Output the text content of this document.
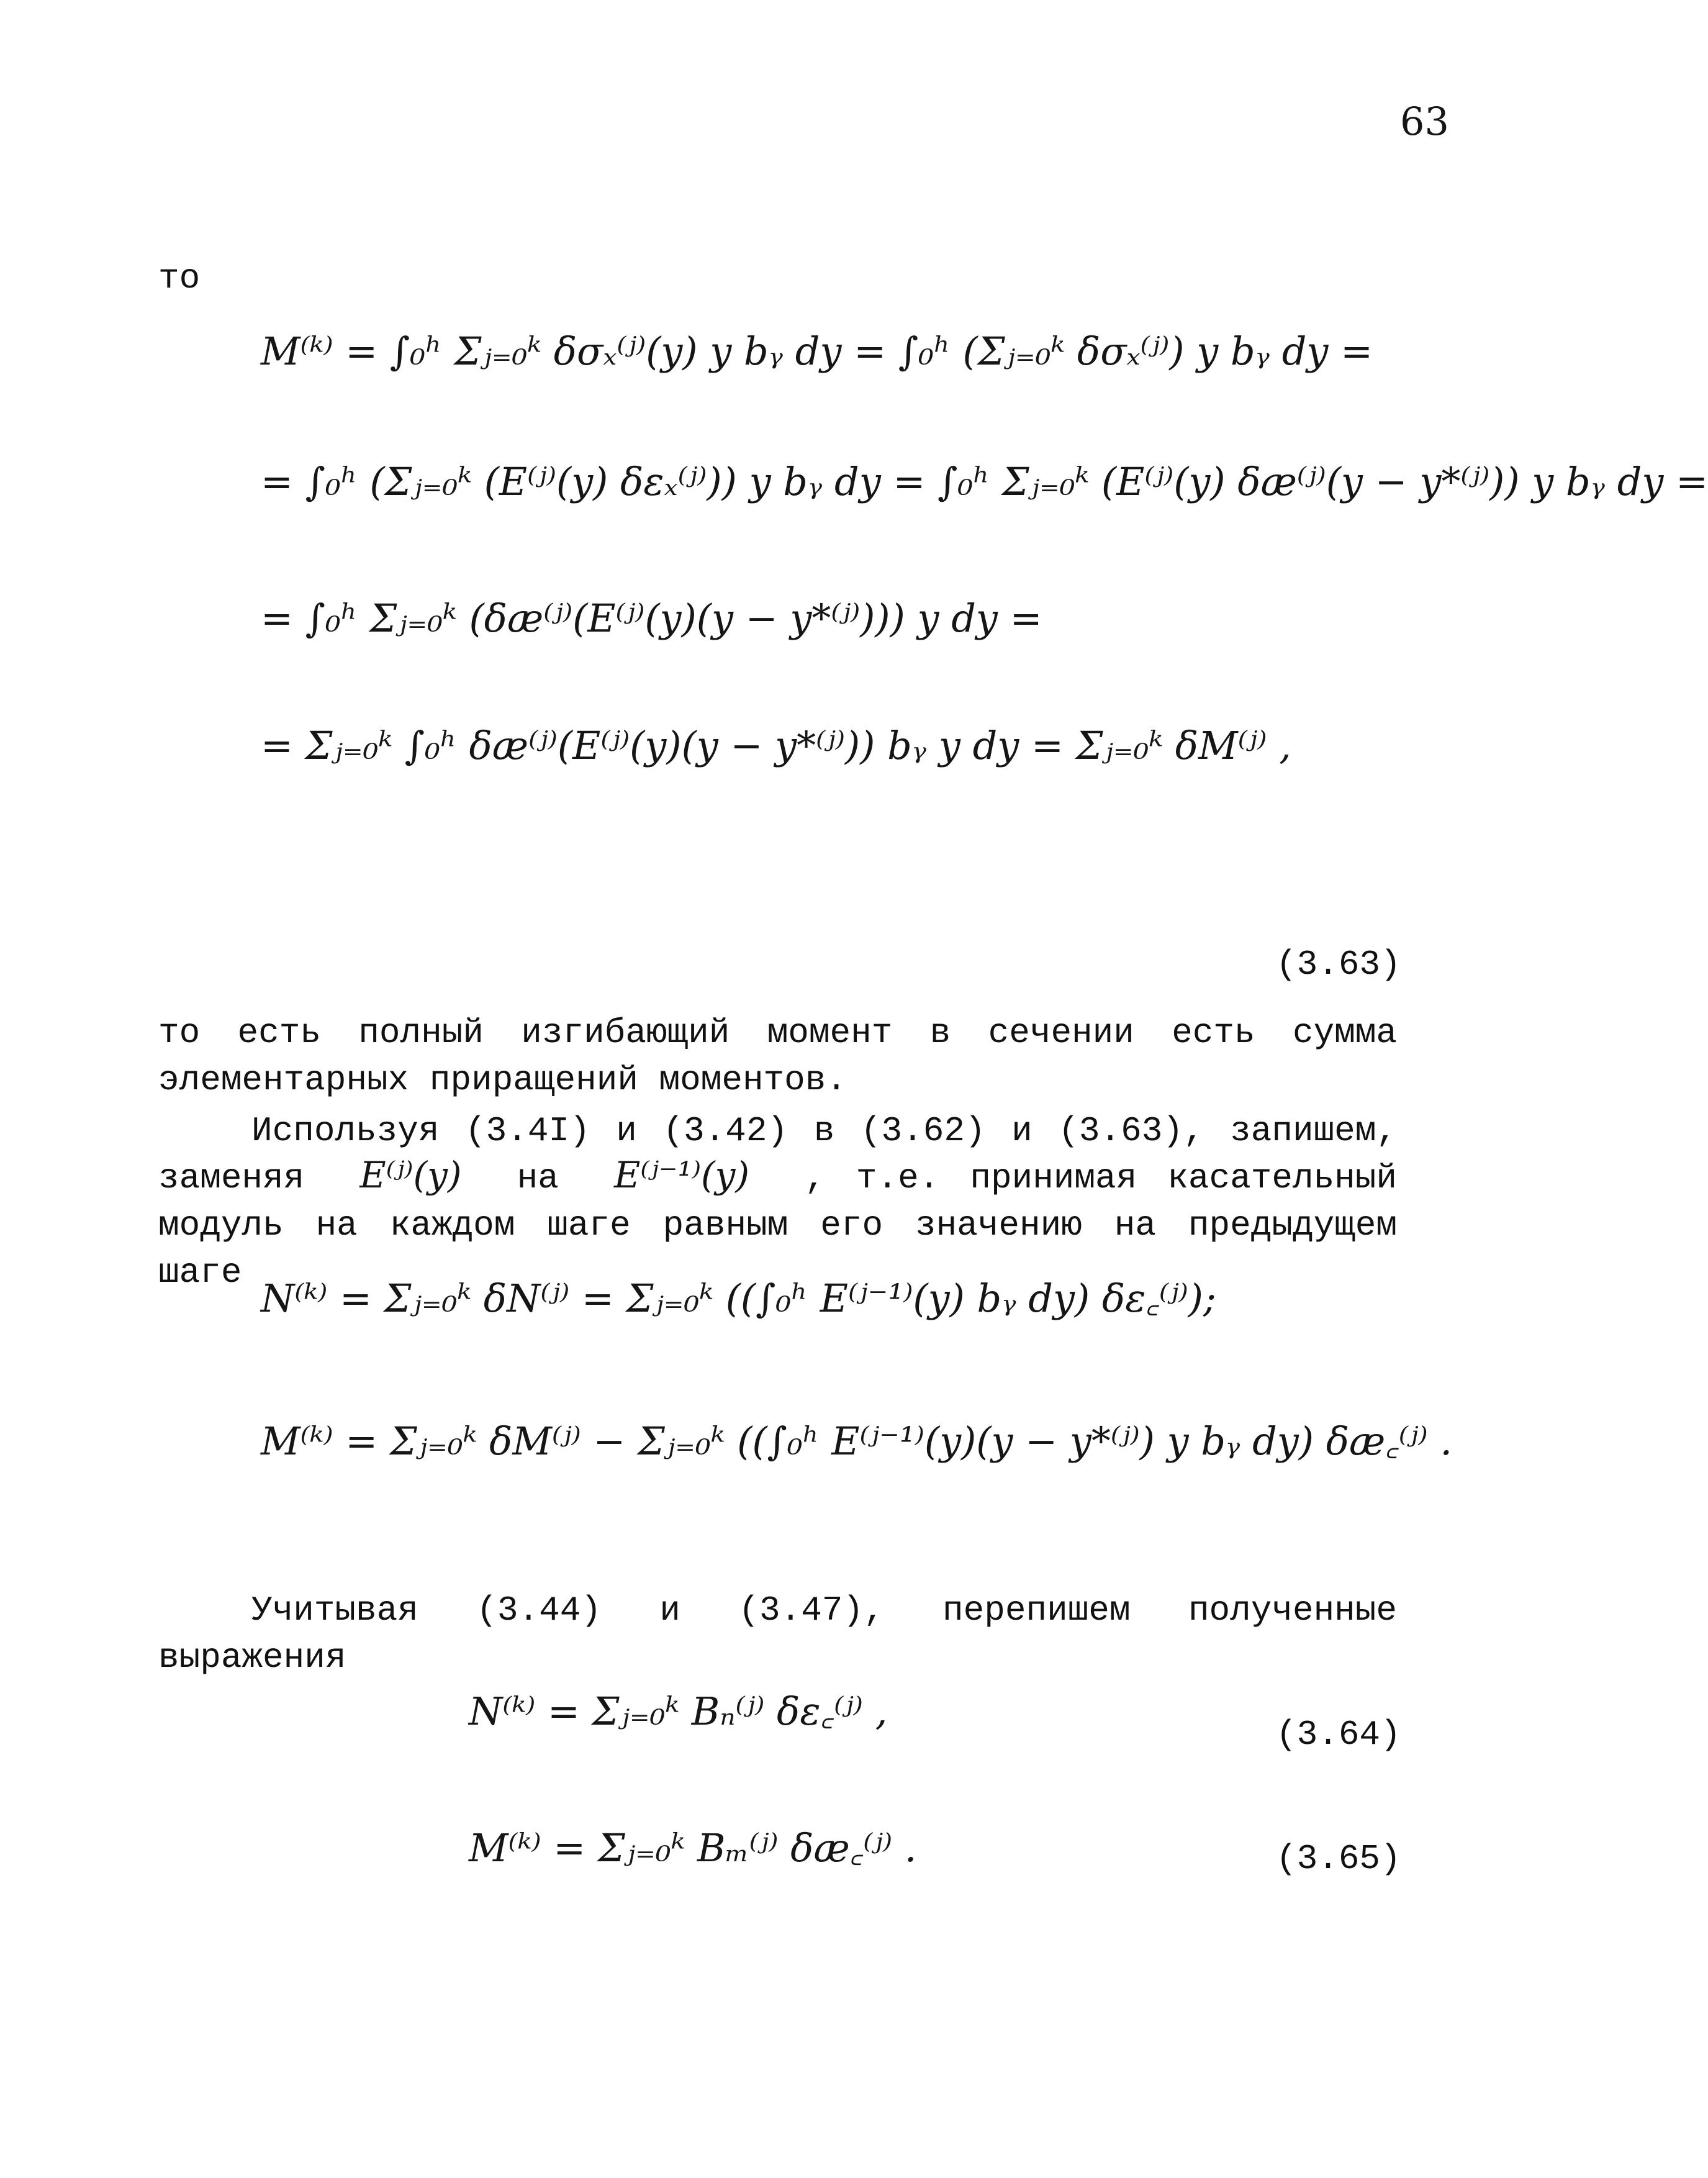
63
то
M⁽ᵏ⁾ = ∫₀ʰ Σⱼ₌₀ᵏ δσₓ⁽ʲ⁾(y) y bᵧ dy = ∫₀ʰ (Σⱼ₌₀ᵏ δσₓ⁽ʲ⁾) y bᵧ dy =
= ∫₀ʰ (Σⱼ₌₀ᵏ (E⁽ʲ⁾(y) δεₓ⁽ʲ⁾)) y bᵧ dy = ∫₀ʰ Σⱼ₌₀ᵏ (E⁽ʲ⁾(y) δæ⁽ʲ⁾(y − y*⁽ʲ⁾)) y bᵧ dy =
= ∫₀ʰ Σⱼ₌₀ᵏ (δæ⁽ʲ⁾(E⁽ʲ⁾(y)(y − y*⁽ʲ⁾))) y dy =
= Σⱼ₌₀ᵏ ∫₀ʰ δæ⁽ʲ⁾(E⁽ʲ⁾(y)(y − y*⁽ʲ⁾)) bᵧ y dy = Σⱼ₌₀ᵏ δM⁽ʲ⁾ ,
(3.63)
то есть полный изгибающий момент в сечении есть сумма элементарных приращений моментов.
Используя (3.4I) и (3.42) в (3.62) и (3.63), запишем, заменяя E⁽ʲ⁾(y) на E⁽ʲ⁻¹⁾(y) , т.е. принимая касательный модуль на каждом шаге равным его значению на предыдущем шаге
N⁽ᵏ⁾ = Σⱼ₌₀ᵏ δN⁽ʲ⁾ = Σⱼ₌₀ᵏ ((∫₀ʰ E⁽ʲ⁻¹⁾(y) bᵧ dy) δε꜀⁽ʲ⁾);
M⁽ᵏ⁾ = Σⱼ₌₀ᵏ δM⁽ʲ⁾ − Σⱼ₌₀ᵏ ((∫₀ʰ E⁽ʲ⁻¹⁾(y)(y − y*⁽ʲ⁾) y bᵧ dy) δæ꜀⁽ʲ⁾ .
Учитывая (3.44) и (3.47), перепишем полученные выражения
N⁽ᵏ⁾ = Σⱼ₌₀ᵏ Bₙ⁽ʲ⁾ δε꜀⁽ʲ⁾ ,
(3.64)
M⁽ᵏ⁾ = Σⱼ₌₀ᵏ Bₘ⁽ʲ⁾ δæ꜀⁽ʲ⁾ .	(3.65)
